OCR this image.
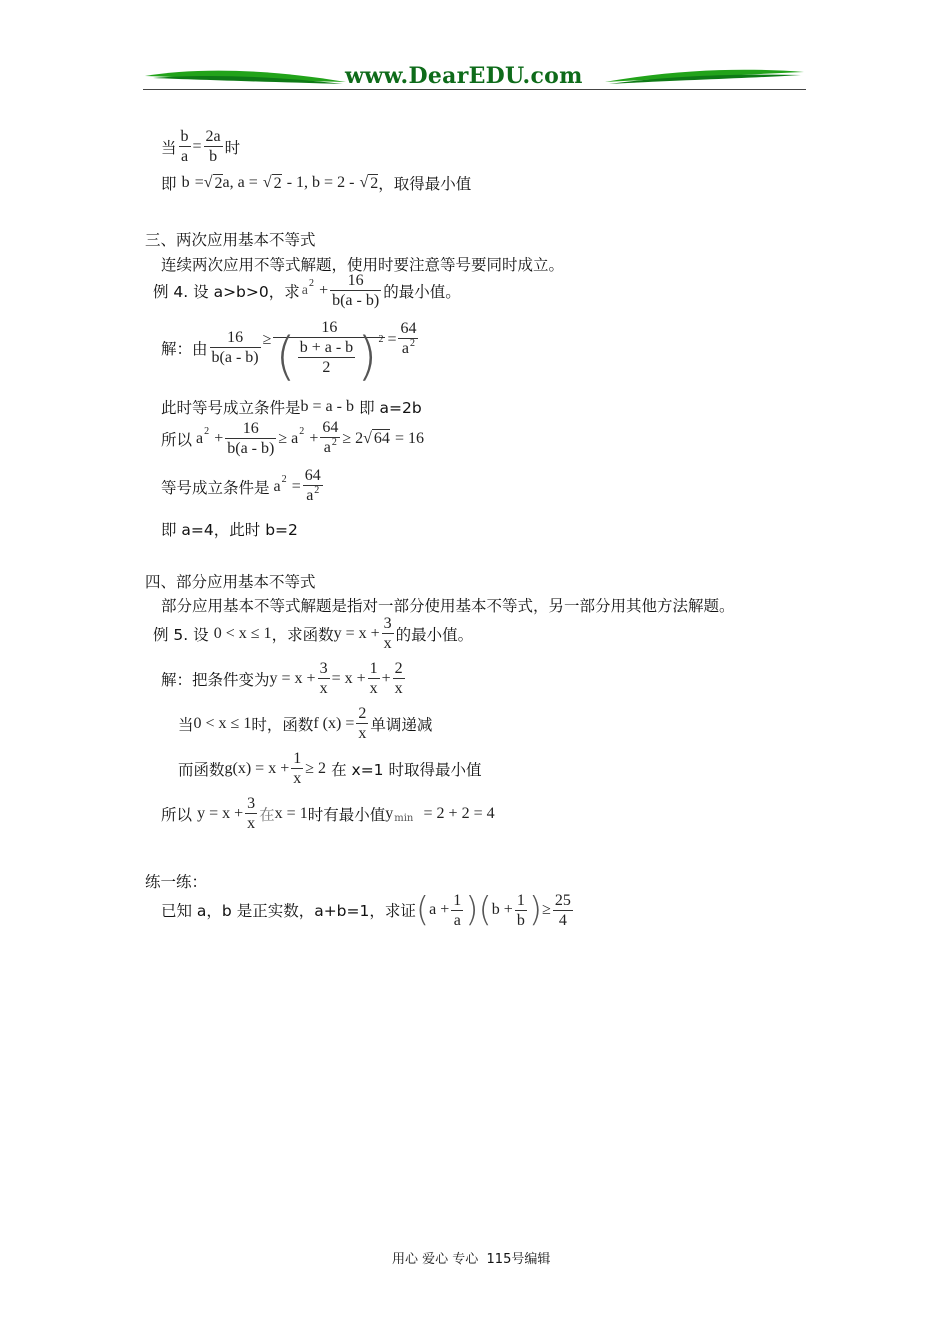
www.DearEDU.com
当 $\frac{b}{a} = \frac{2a}{b}$ 时
即
b
= √ 2 a, a =
√ 2
- 1, b = 2 -
√ 2 ，取得最小值
三、两次应用基本不等式
连续两次应用不等式解题，使用时要注意等号要同时成立。
例 4. 设 a>b>0，求 a 2
+ $\frac{16}{b(a - b)}$ 的最小值。
解：由 $\frac{16}{b(a - b)} \ge \frac{16}{( \frac{b + a - b}{2} ) 2} = \frac{64}{a^2}$
此时等号成立条件是 b = a - b
即 a=2b
所以 a 2
+ $\frac{16}{b(a - b)} \ge a$ 2
+ $\frac{64}{a^2} \ge 2$ √ 64
= 16
等号成立条件是 a 2
= $\frac{64}{a^2}$
即 a=4，此时 b=2
四、部分应用基本不等式
部分应用基本不等式解题是指对一部分使用基本不等式，另一部分用其他方法解题。
例 5. 设
0 < x ≤ 1 ，求函数 $y = x + \frac{3}{x}$ 的最小值。
解：把条件变为 $y = x + \frac{3}{x} = x + \frac{1}{x} + \frac{2}{x}$
当 0 < x ≤ 1 时，函数 f $(x) = \frac{2}{x}$ 单调递减
而函数 $g(x) = x + \frac{1}{x} \ge 2$
在 x=1 时取得最小值
所以
$y = x + \frac{3}{x}$ 在 x = 1 时有最小值 y min
= 2 + 2 = 4
练一练：
已知 a，b 是正实数，a+b=1，求证 ( $a + \frac{1}{a}$ ) ( $b + \frac{1}{b}$ ) ≥ $\frac{25}{4}$
用心 爱心 专心 115号编辑
